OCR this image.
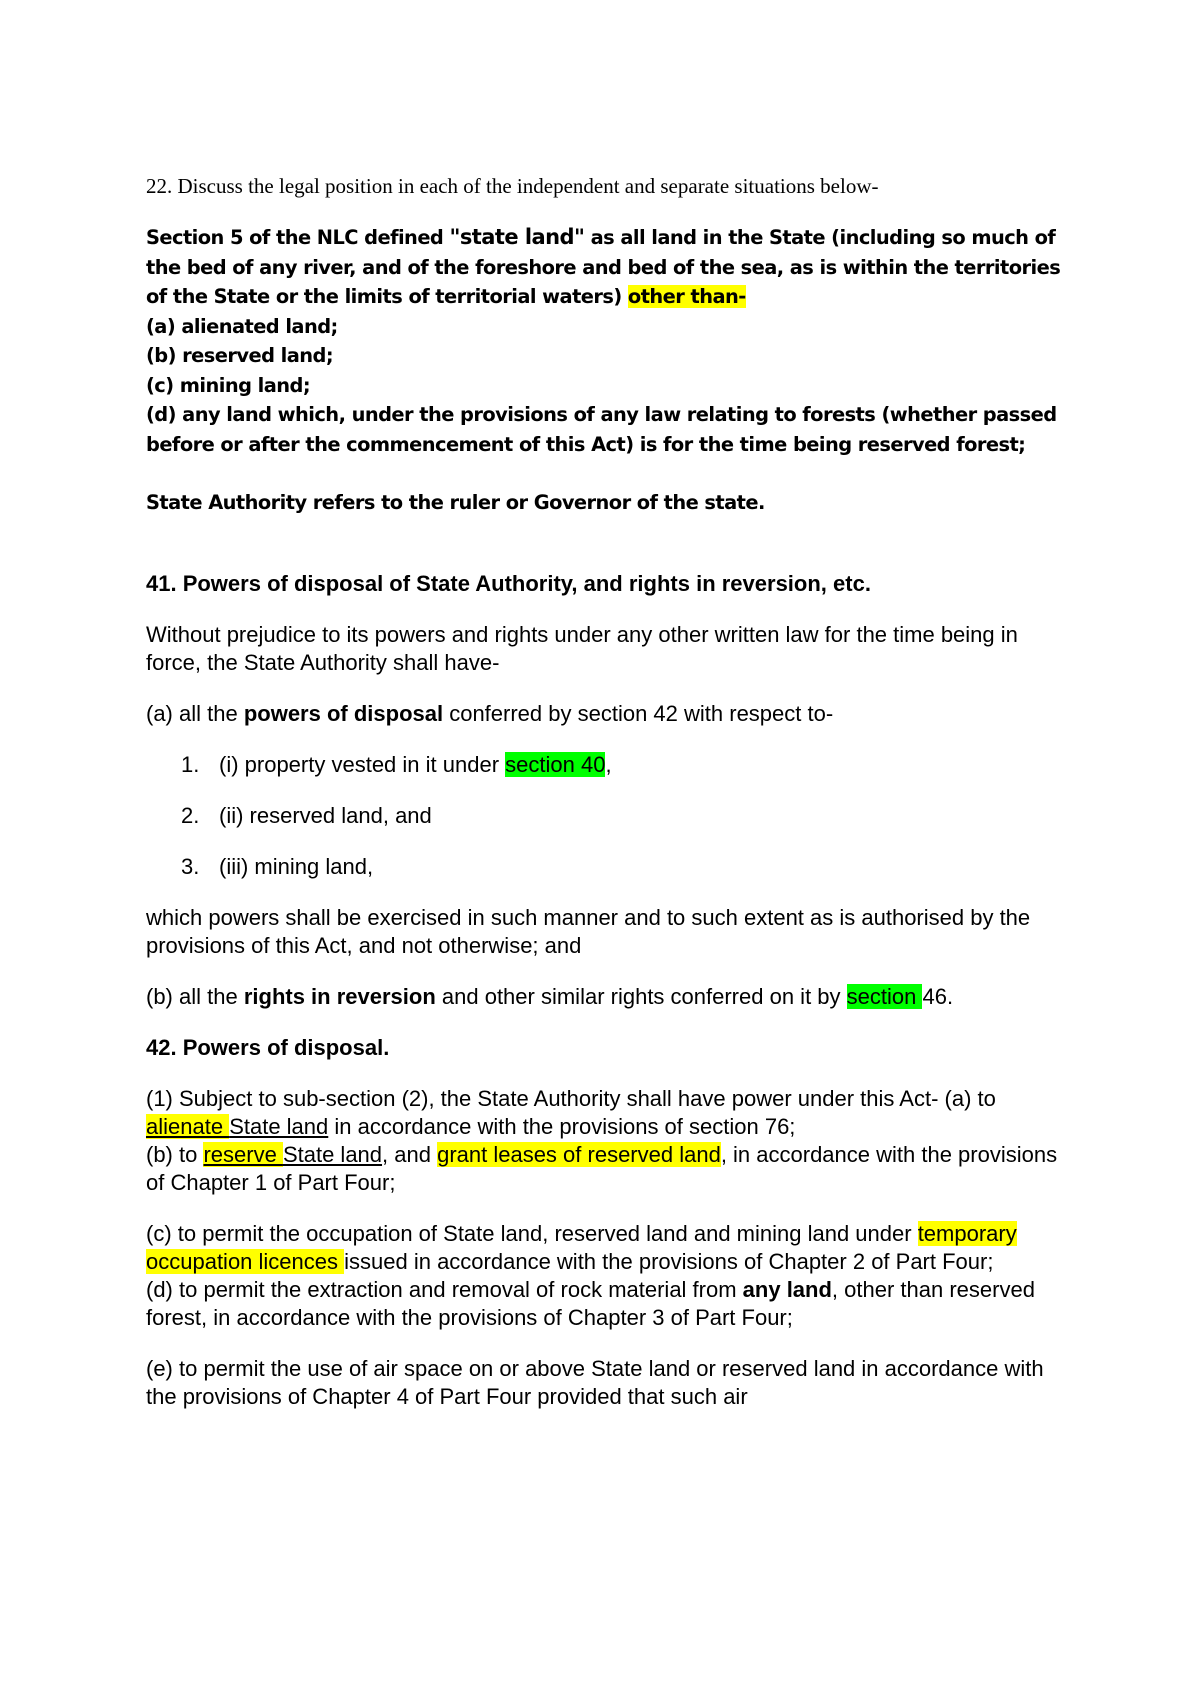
22. Discuss the legal position in each of the independent and separate situations below-

Section 5 of the NLC defined "state land" as all land in the State (including so much of the bed of any river, and of the foreshore and bed of the sea, as is within the territories of the State or the limits of territorial waters) other than-

(a) alienated land;

(b) reserved land;

(c) mining land;

(d) any land which, under the provisions of any law relating to forests (whether passed before or after the commencement of this Act) is for the time being reserved forest;

State Authority refers to the ruler or Governor of the state.

41. Powers of disposal of State Authority, and rights in reversion, etc.

Without prejudice to its powers and rights under any other written law for the time being in force, the State Authority shall have-

(a) all the powers of disposal conferred by section 42 with respect to-

1. (i) property vested in it under section 40,

2. (ii) reserved land, and

3. (iii) mining land,

which powers shall be exercised in such manner and to such extent as is authorised by the provisions of this Act, and not otherwise; and

(b) all the rights in reversion and other similar rights conferred on it by section 46.

42. Powers of disposal.

(1) Subject to sub-section (2), the State Authority shall have power under this Act- (a) to alienate State land in accordance with the provisions of section 76;

(b) to reserve State land, and grant leases of reserved land, in accordance with the provisions of Chapter 1 of Part Four;

(c) to permit the occupation of State land, reserved land and mining land under temporary occupation licences issued in accordance with the provisions of Chapter 2 of Part Four;

(d) to permit the extraction and removal of rock material from any land, other than reserved forest, in accordance with the provisions of Chapter 3 of Part Four;

(e) to permit the use of air space on or above State land or reserved land in accordance with the provisions of Chapter 4 of Part Four provided that such air
